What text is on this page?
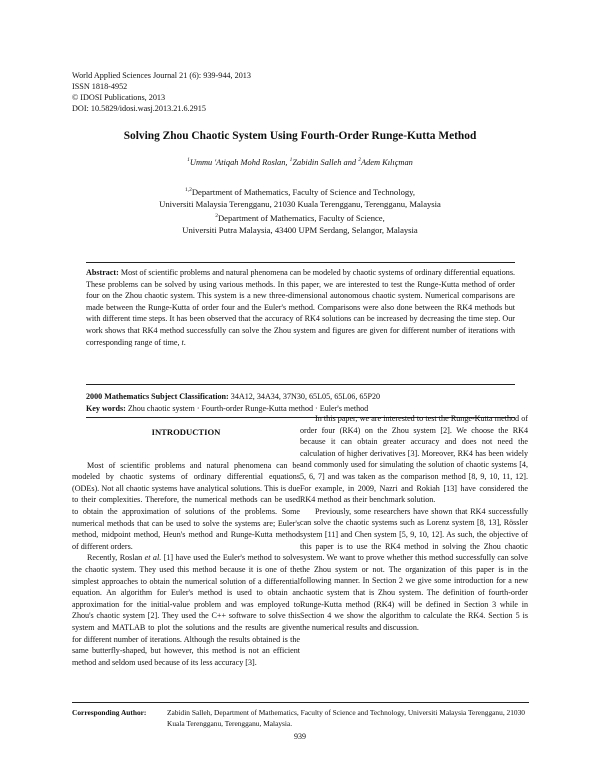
World Applied Sciences Journal 21 (6): 939-944, 2013
ISSN 1818-4952
© IDOSI Publications, 2013
DOI: 10.5829/idosi.wasj.2013.21.6.2915
Solving Zhou Chaotic System Using Fourth-Order Runge-Kutta Method
$^1$Ummu 'Atiqah Mohd Roslan, $^1$Zabidin Salleh and $^2$Adem Kılıçman
$^{1,2}$Department of Mathematics, Faculty of Science and Technology,
Universiti Malaysia Terengganu, 21030 Kuala Terengganu, Terengganu, Malaysia
$^2$Department of Mathematics, Faculty of Science,
Universiti Putra Malaysia, 43400 UPM Serdang, Selangor, Malaysia
Abstract: Most of scientific problems and natural phenomena can be modeled by chaotic systems of ordinary differential equations. These problems can be solved by using various methods. In this paper, we are interested to test the Runge-Kutta method of order four on the Zhou chaotic system. This system is a new three-dimensional autonomous chaotic system. Numerical comparisons are made between the Runge-Kutta of order four and the Euler's method. Comparisons were also done between the RK4 methods but with different time steps. It has been observed that the accuracy of RK4 solutions can be increased by decreasing the time step. Our work shows that RK4 method successfully can solve the Zhou system and figures are given for different number of iterations with corresponding range of time, t.
2000 Mathematics Subject Classification: 34A12, 34A34, 37N30, 65L05, 65L06, 65P20
Key words: Zhou chaotic system · Fourth-order Runge-Kutta method · Euler's method
INTRODUCTION

Most of scientific problems and natural phenomena can be modeled by chaotic systems of ordinary differential equations (ODEs). Not all chaotic systems have analytical solutions. This is due to their complexities. Therefore, the numerical methods can be used to obtain the approximation of solutions of the problems. Some numerical methods that can be used to solve the systems are; Euler's method, midpoint method, Heun's method and Runge-Kutta method of different orders.

Recently, Roslan et al. [1] have used the Euler's method to solve the chaotic system. They used this method because it is one of the simplest approaches to obtain the numerical solution of a differential equation. An algorithm for Euler's method is used to obtain an approximation for the initial-value problem and was employed to Zhou's chaotic system [2]. They used the C++ software to solve this system and MATLAB to plot the solutions and the results are given for different number of iterations. Although the results obtained is the same butterfly-shaped, but however, this method is not an efficient method and seldom used because of its less accuracy [3].

In this paper, we are interested to test the Runge-Kutta method of order four (RK4) on the Zhou system [2]. We choose the RK4 because it can obtain greater accuracy and does not need the calculation of higher derivatives [3]. Moreover, RK4 has been widely and commonly used for simulating the solution of chaotic systems [4, 5, 6, 7] and was taken as the comparison method [8, 9, 10, 11, 12]. For example, in 2009, Nazri and Rokiah [13] have considered the RK4 method as their benchmark solution.

Previously, some researchers have shown that RK4 successfully can solve the chaotic systems such as Lorenz system [8, 13], Rössler system [11] and Chen system [5, 9, 10, 12]. As such, the objective of this paper is to use the RK4 method in solving the Zhou chaotic system. We want to prove whether this method successfully can solve the Zhou system or not. The organization of this paper is in the following manner. In Section 2 we give some introduction for a new chaotic system that is Zhou system. The definition of fourth-order Runge-Kutta method (RK4) will be defined in Section 3 while in Section 4 we show the algorithm to calculate the RK4. Section 5 is the numerical results and discussion.

Corresponding Author:	Zabidin Salleh, Department of Mathematics, Faculty of Science and Technology, Universiti Malaysia Terengganu, 21030 Kuala Terengganu, Terengganu, Malaysia.
939
